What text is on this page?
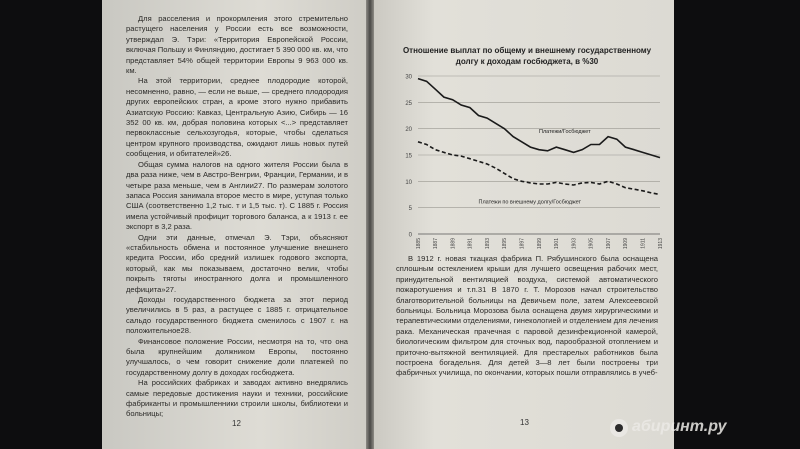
Для расселения и прокормления этого стремительно растущего населения у России есть все возможности, утверждал Э. Тэри: «Территория Европейской России, включая Польшу и Финляндию, достигает 5 390 000 кв. км, что представляет 54% общей территории Европы 9 963 000 кв. км.

На этой территории, среднее плодородие которой, несомненно, равно, — если не выше, — среднего плодородия других европейских стран, а кроме этого нужно прибавить Азиатскую Россию: Кавказ, Центральную Азию, Сибирь — 16 352 00 кв. км, добрая половина которых <...> представляет первоклассные сельхозугодья, которые, чтобы сделаться центром крупного производства, ожидают лишь новых путей сообщения, и обитателей»26.

Общая сумма налогов на одного жителя России была в два раза ниже, чем в Австро-Венгрии, Франции, Германии, и в четыре раза меньше, чем в Англии27. По размерам золотого запаса Россия занимала второе место в мире, уступая только США (соответственно 1,2 тыс. т и 1,5 тыс. т). С 1885 г. Россия имела устойчивый профицит торгового баланса, а к 1913 г. ее экспорт в 3,2 раза.

Одни эти данные, отмечал Э. Тэри, объясняют «стабильность обмена и постоянное улучшение внешнего кредита России, ибо средний излишек годового экспорта, который, как мы показываем, достаточно велик, чтобы покрыть тяготы иностранного долга и промышленного дефицита»27.

Доходы государственного бюджета за этот период увеличились в 5 раз, а растущее с 1885 г. отрицательное сальдо государственного бюджета сменилось с 1907 г. на положительное28.

Финансовое положение России, несмотря на то, что она была крупнейшим должником Европы, постоянно улучшалось, о чем говорит снижение доли платежей по государственному долгу в доходах госбюджета.

На российских фабриках и заводах активно внедрялись самые передовые достижения науки и техники, российские фабриканты и промышленники строили школы, библиотеки и больницы;

12
Отношение выплат по общему и внешнему государственному долгу к доходам госбюджета, в %30
0
5
10
15
20
25
30
1885 1887 1889 1891 1893 1895 1897 1899 1901 1903 1905 1907 1909 1911 1913
Платежи/Госбюджет
Платежи по внешнему долгу/Госбюджет

В 1912 г. новая ткацкая фабрика П. Рябушинского была оснащена сплошным остеклением крыши для лучшего освещения рабочих мест, принудительной вентиляцией воздуха, системой автоматического пожаротушения и т.п.31 В 1870 г. Т. Морозов начал строительство благотворительной больницы на Девичьем поле, затем Алексеевской больницы. Больница Морозова была оснащена двумя хирургическими и терапевтическими отделениями, гинекологией и отделением для лечения рака. Механическая прачечная с паровой дезинфекционной камерой, биологическим фильтром для сточных вод, парообразной отоплением и приточно-вытяжной вентиляцией. Для престарелых работников была построена богадельня. Для детей 3—8 лет были построены три фабричных училища, по окончании, которых пошли отправлялись в учеб-

13	абиринт.ру
